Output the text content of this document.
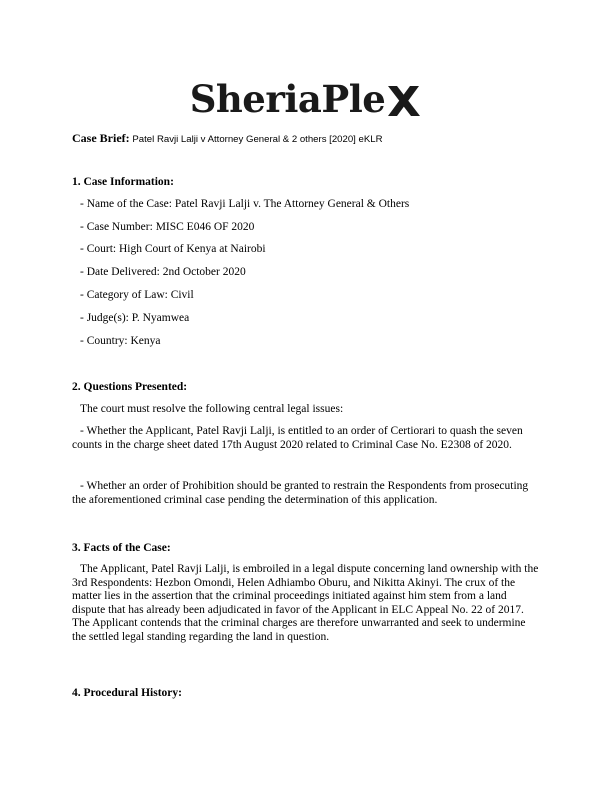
SheriaPle
Case Brief: Patel Ravji Lalji v Attorney General & 2 others [2020] eKLR
1. Case Information:
- Name of the Case: Patel Ravji Lalji v. The Attorney General & Others
- Case Number: MISC E046 OF 2020
- Court: High Court of Kenya at Nairobi
- Date Delivered: 2nd October 2020
- Category of Law: Civil
- Judge(s): P. Nyamwea
- Country: Kenya
2. Questions Presented:
The court must resolve the following central legal issues:
- Whether the Applicant, Patel Ravji Lalji, is entitled to an order of Certiorari to quash the seven counts in the charge sheet dated 17th August 2020 related to Criminal Case No. E2308 of 2020.
- Whether an order of Prohibition should be granted to restrain the Respondents from prosecuting the aforementioned criminal case pending the determination of this application.
3. Facts of the Case:
The Applicant, Patel Ravji Lalji, is embroiled in a legal dispute concerning land ownership with the 3rd Respondents: Hezbon Omondi, Helen Adhiambo Oburu, and Nikitta Akinyi. The crux of the matter lies in the assertion that the criminal proceedings initiated against him stem from a land dispute that has already been adjudicated in favor of the Applicant in ELC Appeal No. 22 of 2017. The Applicant contends that the criminal charges are therefore unwarranted and seek to undermine the settled legal standing regarding the land in question.
4. Procedural History:
